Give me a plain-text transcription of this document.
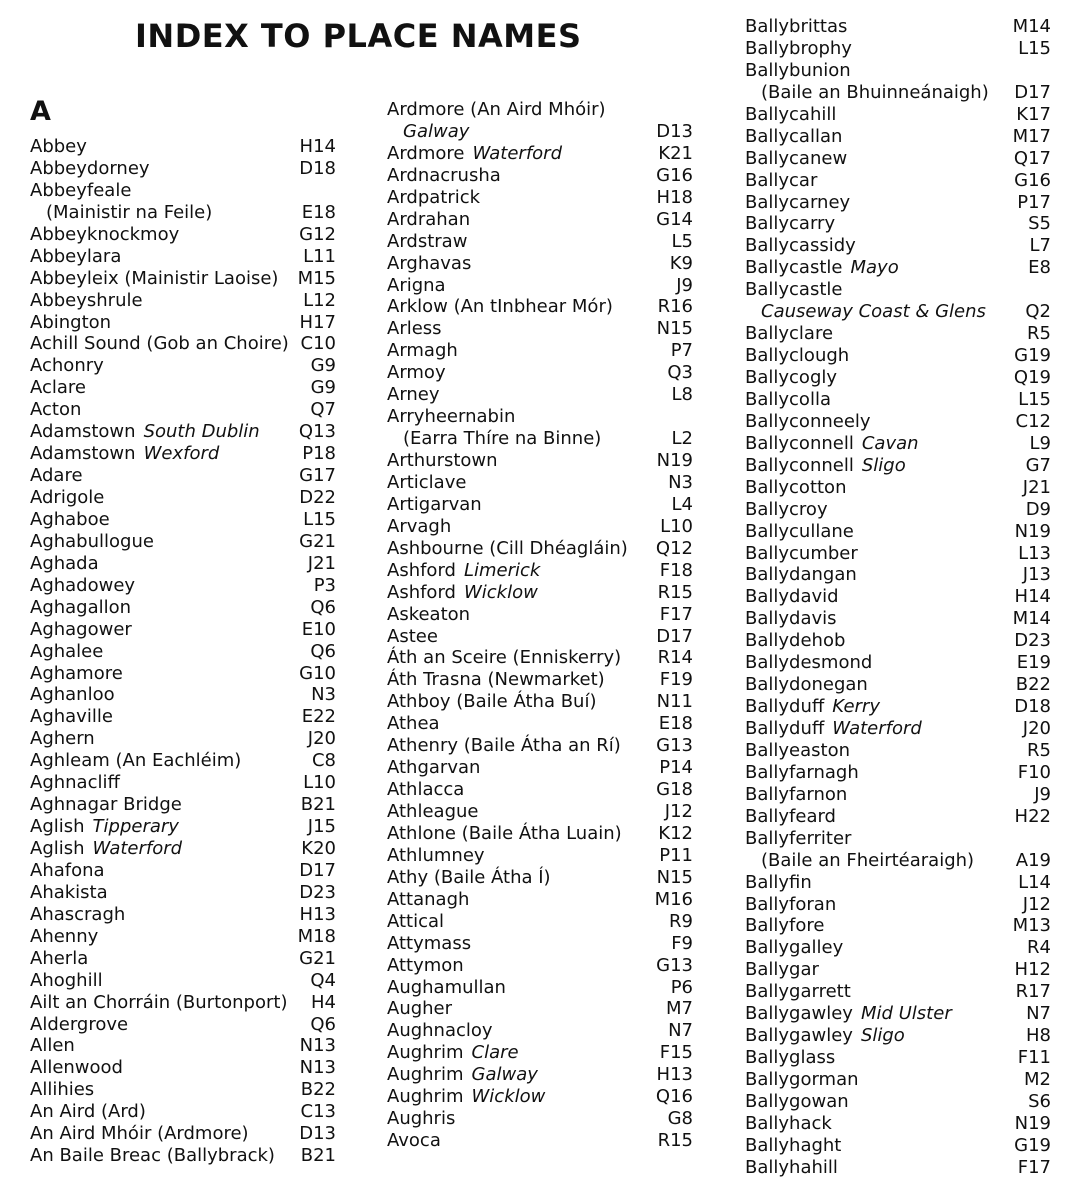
INDEX TO PLACE NAMES
A
Abbey	H14
Abbeydorney	D18
Abbeyfeale
(Mainistir na Feile)	E18
Abbeyknockmoy	G12
Abbeylara	L11
Abbeyleix (Mainistir Laoise) M15
Abbeyshrule	L12
Abington	H17
Achill Sound (Gob an Choire) C10
Achonry	G9
Aclare	G9
Acton	Q7
Adamstown South Dublin Q13
Adamstown Wexford	P18
Adare	G17
Adrigole	D22
Aghaboe	L15
Aghabullogue	G21
Aghada	J21
Aghadowey	P3
Aghagallon	Q6
Aghagower	E10
Aghalee	Q6
Aghamore	G10
Aghanloo	N3
Aghaville	E22
Aghern	J20
Aghleam (An Eachléim)	C8
Aghnacliff	L10
Aghnagar Bridge	B21
Aglish Tipperary	J15
Aglish Waterford	K20
Ahafona	D17
Ahakista	D23
Ahascragh	H13
Ahenny	M18
Aherla	G21
Ahoghill	Q4
Ailt an Chorráin (Burtonport) H4
Aldergrove	Q6
Allen	N13
Allenwood	N13
Allihies	B22
An Aird (Ard)	C13
An Aird Mhóir (Ardmore)	D13
An Baile Breac (Ballybrack) B21
Ardmore (An Aird Mhóir)
Galway	D13
Ardmore Waterford	K21
Ardnacrusha	G16
Ardpatrick	H18
Ardrahan	G14
Ardstraw	L5
Arghavas	K9
Arigna	J9
Arklow (An tInbhear Mór) R16
Arless	N15
Armagh	P7
Armoy	Q3
Arney	L8
Arryheernabin
(Earra Thíre na Binne)	L2
Arthurstown	N19
Articlave	N3
Artigarvan	L4
Arvagh	L10
Ashbourne (Cill Dhéagláin) Q12
Ashford Limerick	F18
Ashford Wicklow	R15
Askeaton	F17
Astee	D17
Áth an Sceire (Enniskerry) R14
Áth Trasna (Newmarket)	F19
Athboy (Baile Átha Buí)	N11
Athea	E18
Athenry (Baile Átha an Rí) G13
Athgarvan	P14
Athlacca	G18
Athleague	J12
Athlone (Baile Átha Luain) K12
Athlumney	P11
Athy (Baile Átha Í)	N15
Attanagh	M16
Attical	R9
Attymass	F9
Attymon	G13
Aughamullan	P6
Augher	M7
Aughnacloy	N7
Aughrim Clare	F15
Aughrim Galway	H13
Aughrim Wicklow	Q16
Aughris	G8
Avoca	R15
Ballybrittas	M14
Ballybrophy	L15
Ballybunion
(Baile an Bhuinneánaigh) D17
Ballycahill	K17
Ballycallan	M17
Ballycanew	Q17
Ballycar	G16
Ballycarney	P17
Ballycarry	S5
Ballycassidy	L7
Ballycastle Mayo	E8
Ballycastle
Causeway Coast & Glens Q2
Ballyclare	R5
Ballyclough	G19
Ballycogly	Q19
Ballycolla	L15
Ballyconneely	C12
Ballyconnell Cavan	L9
Ballyconnell Sligo	G7
Ballycotton	J21
Ballycroy	D9
Ballycullane	N19
Ballycumber	L13
Ballydangan	J13
Ballydavid	H14
Ballydavis	M14
Ballydehob	D23
Ballydesmond	E19
Ballydonegan	B22
Ballyduff Kerry	D18
Ballyduff Waterford	J20
Ballyeaston	R5
Ballyfarnagh	F10
Ballyfarnon	J9
Ballyfeard	H22
Ballyferriter
(Baile an Fheirtéaraigh) A19
Ballyfin	L14
Ballyforan	J12
Ballyfore	M13
Ballygalley	R4
Ballygar	H12
Ballygarrett	R17
Ballygawley Mid Ulster	N7
Ballygawley Sligo	H8
Ballyglass	F11
Ballygorman	M2
Ballygowan	S6
Ballyhack	N19
Ballyhaght	G19
Ballyhahill	F17
